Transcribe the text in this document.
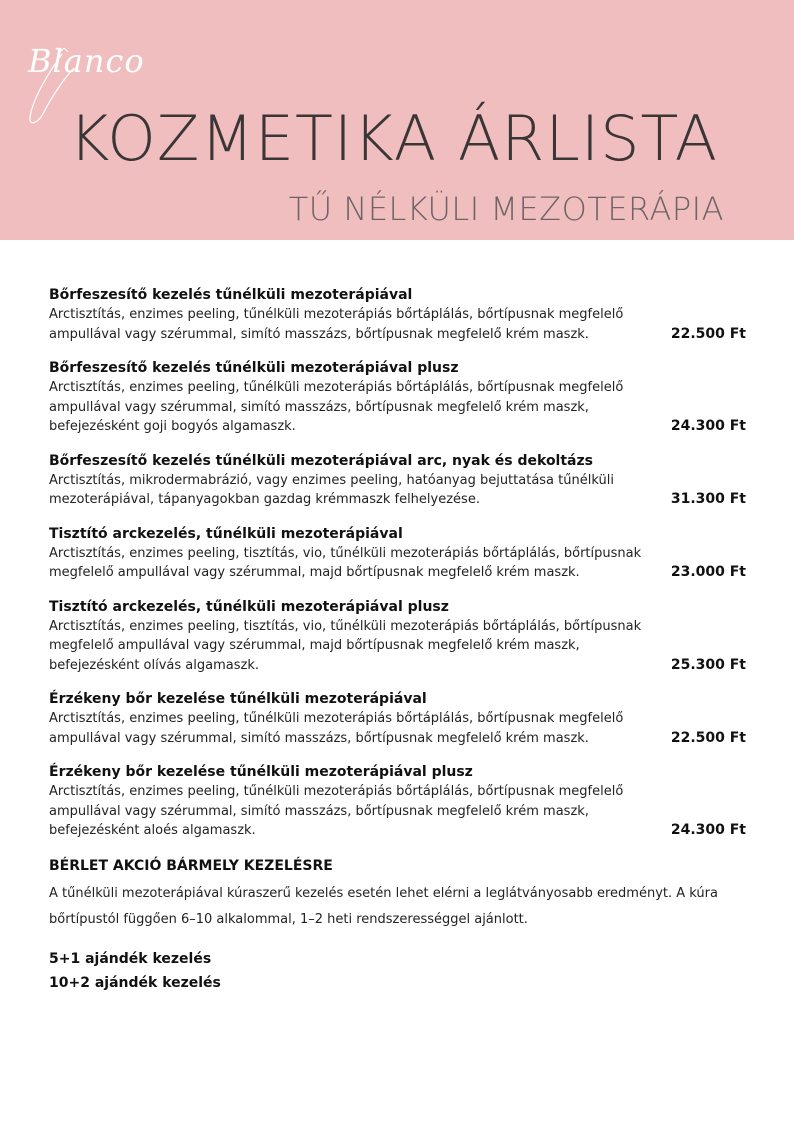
Blanco
KOZMETIKA ÁRLISTA
TŰ NÉLKÜLI MEZOTERÁPIA
Bőrfeszesítő kezelés tűnélküli mezoterápiával
Arctisztítás, enzimes peeling, tűnélküli mezoterápiás bőrtáplálás, bőrtípusnak megfelelő ampullával vagy szérummal, simító masszázs, bőrtípusnak megfelelő krém maszk.	22.500 Ft
Bőrfeszesítő kezelés tűnélküli mezoterápiával plusz
Arctisztítás, enzimes peeling, tűnélküli mezoterápiás bőrtáplálás, bőrtípusnak megfelelő ampullával vagy szérummal, simító masszázs, bőrtípusnak megfelelő krém maszk, befejezésként goji bogyós algamaszk.	24.300 Ft
Bőrfeszesítő kezelés tűnélküli mezoterápiával arc, nyak és dekoltázs
Arctisztítás, mikrodermabrázió, vagy enzimes peeling, hatóanyag bejuttatása tűnélküli mezoterápiával, tápanyagokban gazdag krémmaszk felhelyezése.	31.300 Ft
Tisztító arckezelés, tűnélküli mezoterápiával
Arctisztítás, enzimes peeling, tisztítás, vio, tűnélküli mezoterápiás bőrtáplálás, bőrtípusnak megfelelő ampullával vagy szérummal, majd bőrtípusnak megfelelő krém maszk.	23.000 Ft
Tisztító arckezelés, tűnélküli mezoterápiával plusz
Arctisztítás, enzimes peeling, tisztítás, vio, tűnélküli mezoterápiás bőrtáplálás, bőrtípusnak megfelelő ampullával vagy szérummal, majd bőrtípusnak megfelelő krém maszk, befejezésként olívás algamaszk.	25.300 Ft
Érzékeny bőr kezelése tűnélküli mezoterápiával
Arctisztítás, enzimes peeling, tűnélküli mezoterápiás bőrtáplálás, bőrtípusnak megfelelő ampullával vagy szérummal, simító masszázs, bőrtípusnak megfelelő krém maszk.	22.500 Ft
Érzékeny bőr kezelése tűnélküli mezoterápiával plusz
Arctisztítás, enzimes peeling, tűnélküli mezoterápiás bőrtáplálás, bőrtípusnak megfelelő ampullával vagy szérummal, simító masszázs, bőrtípusnak megfelelő krém maszk, befejezésként aloés algamaszk.	24.300 Ft
BÉRLET AKCIÓ BÁRMELY KEZELÉSRE
A tűnélküli mezoterápiával kúraszerű kezelés esetén lehet elérni a leglátványosabb eredményt. A kúra bőrtípustól függően 6–10 alkalommal, 1–2 heti rendszerességgel ajánlott.
5+1 ajándék kezelés
10+2 ajándék kezelés
